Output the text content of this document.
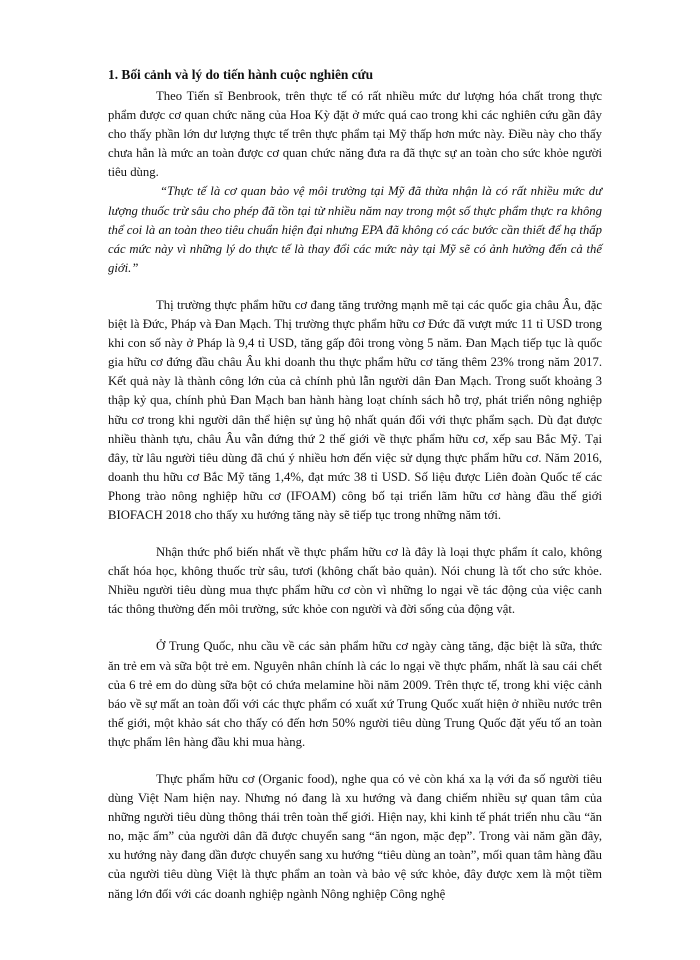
1. Bối cảnh và lý do tiến hành cuộc nghiên cứu

Theo Tiến sĩ Benbrook, trên thực tế có rất nhiều mức dư lượng hóa chất trong thực phẩm được cơ quan chức năng của Hoa Kỳ đặt ở mức quá cao trong khi các nghiên cứu gần đây cho thấy phần lớn dư lượng thực tế trên thực phẩm tại Mỹ thấp hơn mức này. Điều này cho thấy chưa hẳn là mức an toàn được cơ quan chức năng đưa ra đã thực sự an toàn cho sức khỏe người tiêu dùng.

“Thực tế là cơ quan bảo vệ môi trường tại Mỹ đã thừa nhận là có rất nhiều mức dư lượng thuốc trừ sâu cho phép đã tồn tại từ nhiều năm nay trong một số thực phẩm thực ra không thể coi là an toàn theo tiêu chuẩn hiện đại nhưng EPA đã không có các bước cần thiết để hạ thấp các mức này vì những lý do thực tế là thay đổi các mức này tại Mỹ sẽ có ảnh hưởng đến cả thế giới.”

Thị trường thực phẩm hữu cơ đang tăng trưởng mạnh mẽ tại các quốc gia châu Âu, đặc biệt là Đức, Pháp và Đan Mạch. Thị trường thực phẩm hữu cơ Đức đã vượt mức 11 tỉ USD trong khi con số này ở Pháp là 9,4 tỉ USD, tăng gấp đôi trong vòng 5 năm. Đan Mạch tiếp tục là quốc gia hữu cơ đứng đầu châu Âu khi doanh thu thực phẩm hữu cơ tăng thêm 23% trong năm 2017. Kết quả này là thành công lớn của cả chính phủ lẫn người dân Đan Mạch. Trong suốt khoảng 3 thập kỷ qua, chính phủ Đan Mạch ban hành hàng loạt chính sách hỗ trợ, phát triển nông nghiệp hữu cơ trong khi người dân thể hiện sự ủng hộ nhất quán đối với thực phẩm sạch. Dù đạt được nhiều thành tựu, châu Âu vẫn đứng thứ 2 thế giới về thực phẩm hữu cơ, xếp sau Bắc Mỹ. Tại đây, từ lâu người tiêu dùng đã chú ý nhiều hơn đến việc sử dụng thực phẩm hữu cơ. Năm 2016, doanh thu hữu cơ Bắc Mỹ tăng 1,4%, đạt mức 38 tỉ USD. Số liệu được Liên đoàn Quốc tế các Phong trào nông nghiệp hữu cơ (IFOAM) công bố tại triển lãm hữu cơ hàng đầu thế giới BIOFACH 2018 cho thấy xu hướng tăng này sẽ tiếp tục trong những năm tới.

Nhận thức phổ biến nhất về thực phẩm hữu cơ là đây là loại thực phẩm ít calo, không chất hóa học, không thuốc trừ sâu, tươi (không chất bảo quản). Nói chung là tốt cho sức khỏe. Nhiều người tiêu dùng mua thực phẩm hữu cơ còn vì những lo ngại về tác động của việc canh tác thông thường đến môi trường, sức khỏe con người và đời sống của động vật.

Ở Trung Quốc, nhu cầu về các sản phẩm hữu cơ ngày càng tăng, đặc biệt là sữa, thức ăn trẻ em và sữa bột trẻ em. Nguyên nhân chính là các lo ngại về thực phẩm, nhất là sau cái chết của 6 trẻ em do dùng sữa bột có chứa melamine hồi năm 2009. Trên thực tế, trong khi việc cảnh báo về sự mất an toàn đối với các thực phẩm có xuất xứ Trung Quốc xuất hiện ở nhiều nước trên thế giới, một khảo sát cho thấy có đến hơn 50% người tiêu dùng Trung Quốc đặt yếu tố an toàn thực phẩm lên hàng đầu khi mua hàng.

Thực phẩm hữu cơ (Organic food), nghe qua có vẻ còn khá xa lạ với đa số người tiêu dùng Việt Nam hiện nay. Nhưng nó đang là xu hướng và đang chiếm nhiều sự quan tâm của những người tiêu dùng thông thái trên toàn thế giới. Hiện nay, khi kinh tế phát triển nhu cầu “ăn no, mặc ấm” của người dân đã được chuyển sang “ăn ngon, mặc đẹp”. Trong vài năm gần đây, xu hướng này đang dần được chuyển sang xu hướng “tiêu dùng an toàn”, mối quan tâm hàng đầu của người tiêu dùng Việt là thực phẩm an toàn và bảo vệ sức khỏe, đây được xem là một tiềm năng lớn đối với các doanh nghiệp ngành Nông nghiệp Công nghệ
